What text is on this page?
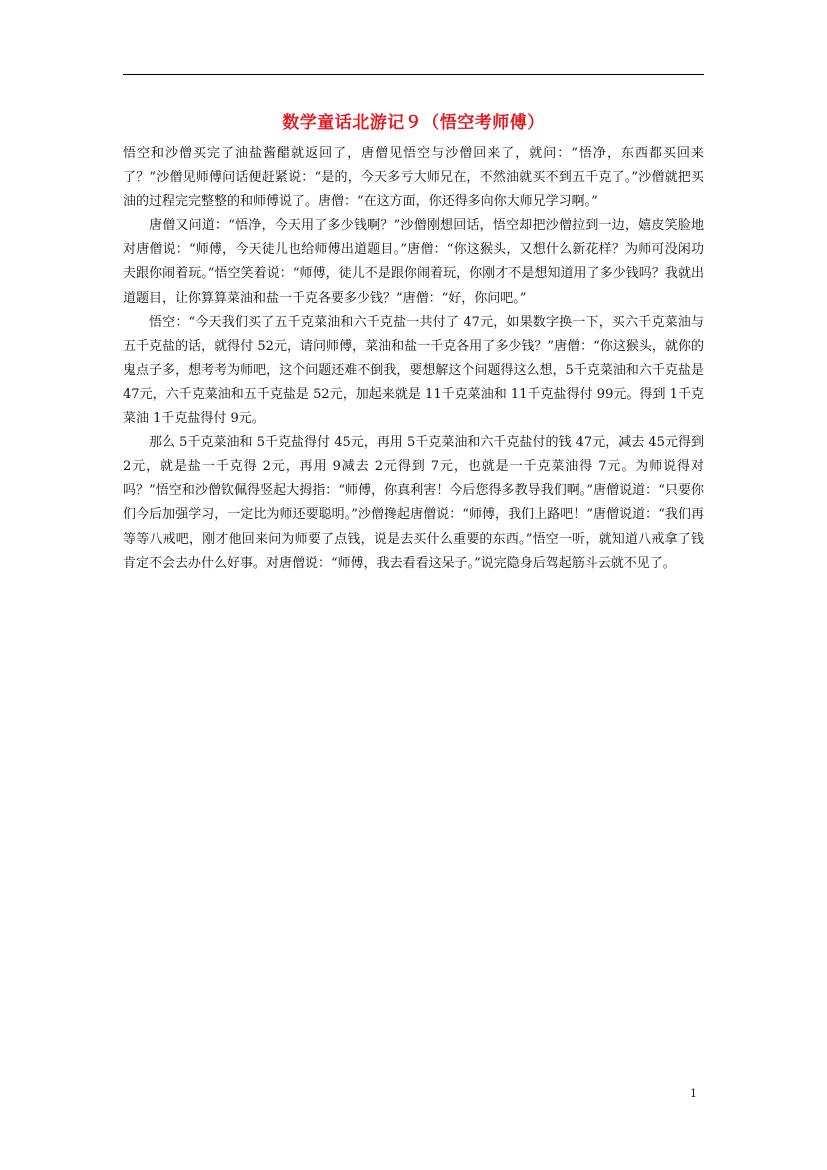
数学童话北游记９（悟空考师傅）

悟空和沙僧买完了油盐酱醋就返回了，唐僧见悟空与沙僧回来了，就问：“悟净，东西都买回来了？”沙僧见师傅问话便赶紧说：“是的，今天多亏大师兄在，不然油就买不到五千克了。”沙僧就把买油的过程完完整整的和师傅说了。唐僧：“在这方面，你还得多向你大师兄学习啊。”

唐僧又问道：“悟净，今天用了多少钱啊？”沙僧刚想回话，悟空却把沙僧拉到一边，嬉皮笑脸地对唐僧说：“师傅，今天徒儿也给师傅出道题目。”唐僧：“你这猴头，又想什么新花样？为师可没闲功夫跟你闹着玩。”悟空笑着说：“师傅，徒儿不是跟你闹着玩，你刚才不是想知道用了多少钱吗？我就出道题目，让你算算菜油和盐一千克各要多少钱？”唐僧：“好，你问吧。”

悟空：“今天我们买了五千克菜油和六千克盐一共付了 47元，如果数字换一下，买六千克菜油与五千克盐的话，就得付 52元，请问师傅，菜油和盐一千克各用了多少钱？”唐僧：“你这猴头，就你的鬼点子多，想考考为师吧，这个问题还难不倒我，要想解这个问题得这么想，5千克菜油和六千克盐是 47元，六千克菜油和五千克盐是 52元，加起来就是 11千克菜油和 11千克盐得付 99元。得到 1千克菜油 1千克盐得付 9元。

那么 5千克菜油和 5千克盐得付 45元，再用 5千克菜油和六千克盐付的钱 47元，减去 45元得到 2元，就是盐一千克得 2元，再用 9减去 2元得到 7元，也就是一千克菜油得 7元。为师说得对吗？”悟空和沙僧钦佩得竖起大拇指：“师傅，你真利害！今后您得多教导我们啊。”唐僧说道：“只要你们今后加强学习，一定比为师还要聪明。”沙僧搀起唐僧说：“师傅，我们上路吧！”唐僧说道：“我们再等等八戒吧，刚才他回来问为师要了点钱，说是去买什么重要的东西。”悟空一听，就知道八戒拿了钱肯定不会去办什么好事。对唐僧说：“师傅，我去看看这呆子。”说完隐身后驾起筋斗云就不见了。

1
